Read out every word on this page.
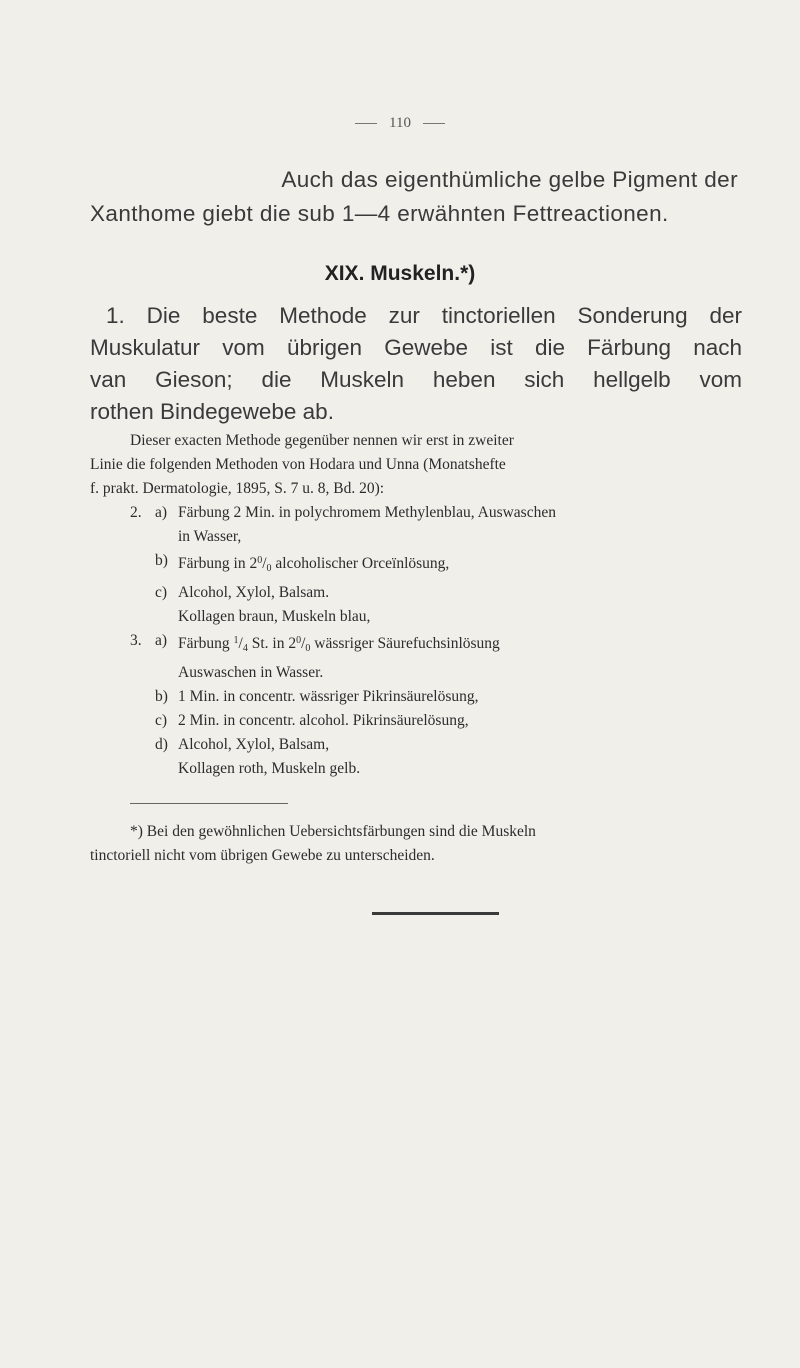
110
Auch das eigenthümliche gelbe Pigment der
Xanthome giebt die sub 1—4 erwähnten Fettreactionen.
XIX. Muskeln.*)
1. Die beste Methode zur tinctoriellen Sonderung der
Muskulatur vom übrigen Gewebe ist die Färbung nach
van Gieson; die Muskeln heben sich hellgelb vom
rothen Bindegewebe ab.
Dieser exacten Methode gegenüber nennen wir erst in zweiter
Linie die folgenden Methoden von Hodara und Unna (Monatshefte
f. prakt. Dermatologie, 1895, S. 7 u. 8, Bd. 20):
2. a) Färbung 2 Min. in polychromem Methylenblau, Auswaschen
in Wasser,
b) Färbung in $2^0/_0$ alcoholischer Orceïnlösung,
c) Alcohol, Xylol, Balsam.
Kollagen braun, Muskeln blau,
3. a) Färbung $^1/_4$ St. in $2^0/_0$ wässriger Säurefuchsinlösung
Auswaschen in Wasser.
b) 1 Min. in concentr. wässriger Pikrinsäurelösung,
c) 2 Min. in concentr. alcohol. Pikrinsäurelösung,
d) Alcohol, Xylol, Balsam,
Kollagen roth, Muskeln gelb.
*) Bei den gewöhnlichen Uebersichtsfärbungen sind die Muskeln
tinctoriell nicht vom übrigen Gewebe zu unterscheiden.
